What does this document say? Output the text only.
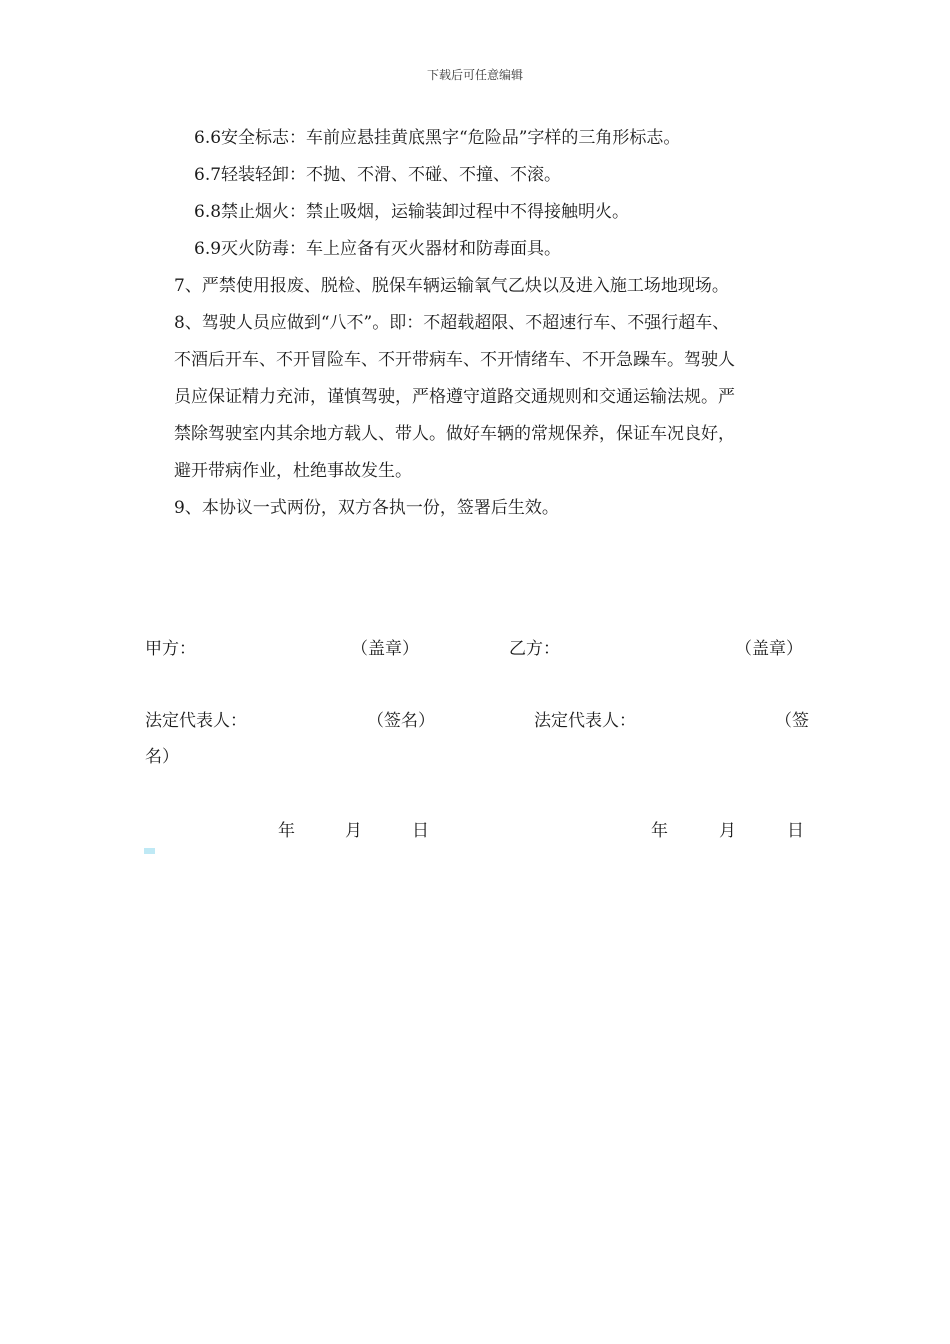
下载后可任意编辑

6.6安全标志：车前应悬挂黄底黑字“危险品”字样的三角形标志。

6.7轻装轻卸：不抛、不滑、不碰、不撞、不滚。

6.8禁止烟火：禁止吸烟，运输装卸过程中不得接触明火。

6.9灭火防毒：车上应备有灭火器材和防毒面具。

7、严禁使用报废、脱检、脱保车辆运输氧气乙炔以及进入施工场地现场。

8、驾驶人员应做到“八不”。即：不超载超限、不超速行车、不强行超车、

不酒后开车、不开冒险车、不开带病车、不开情绪车、不开急躁车。驾驶人

员应保证精力充沛，谨慎驾驶，严格遵守道路交通规则和交通运输法规。严

禁除驾驶室内其余地方载人、带人。做好车辆的常规保养，保证车况良好，

避开带病作业，杜绝事故发生。

9、本协议一式两份，双方各执一份，签署后生效。

甲方：	（盖章）	乙方：	（盖章）
法定代表人：	（签名）	法定代表人：	（签
名）
年	月	日	年	月	日
